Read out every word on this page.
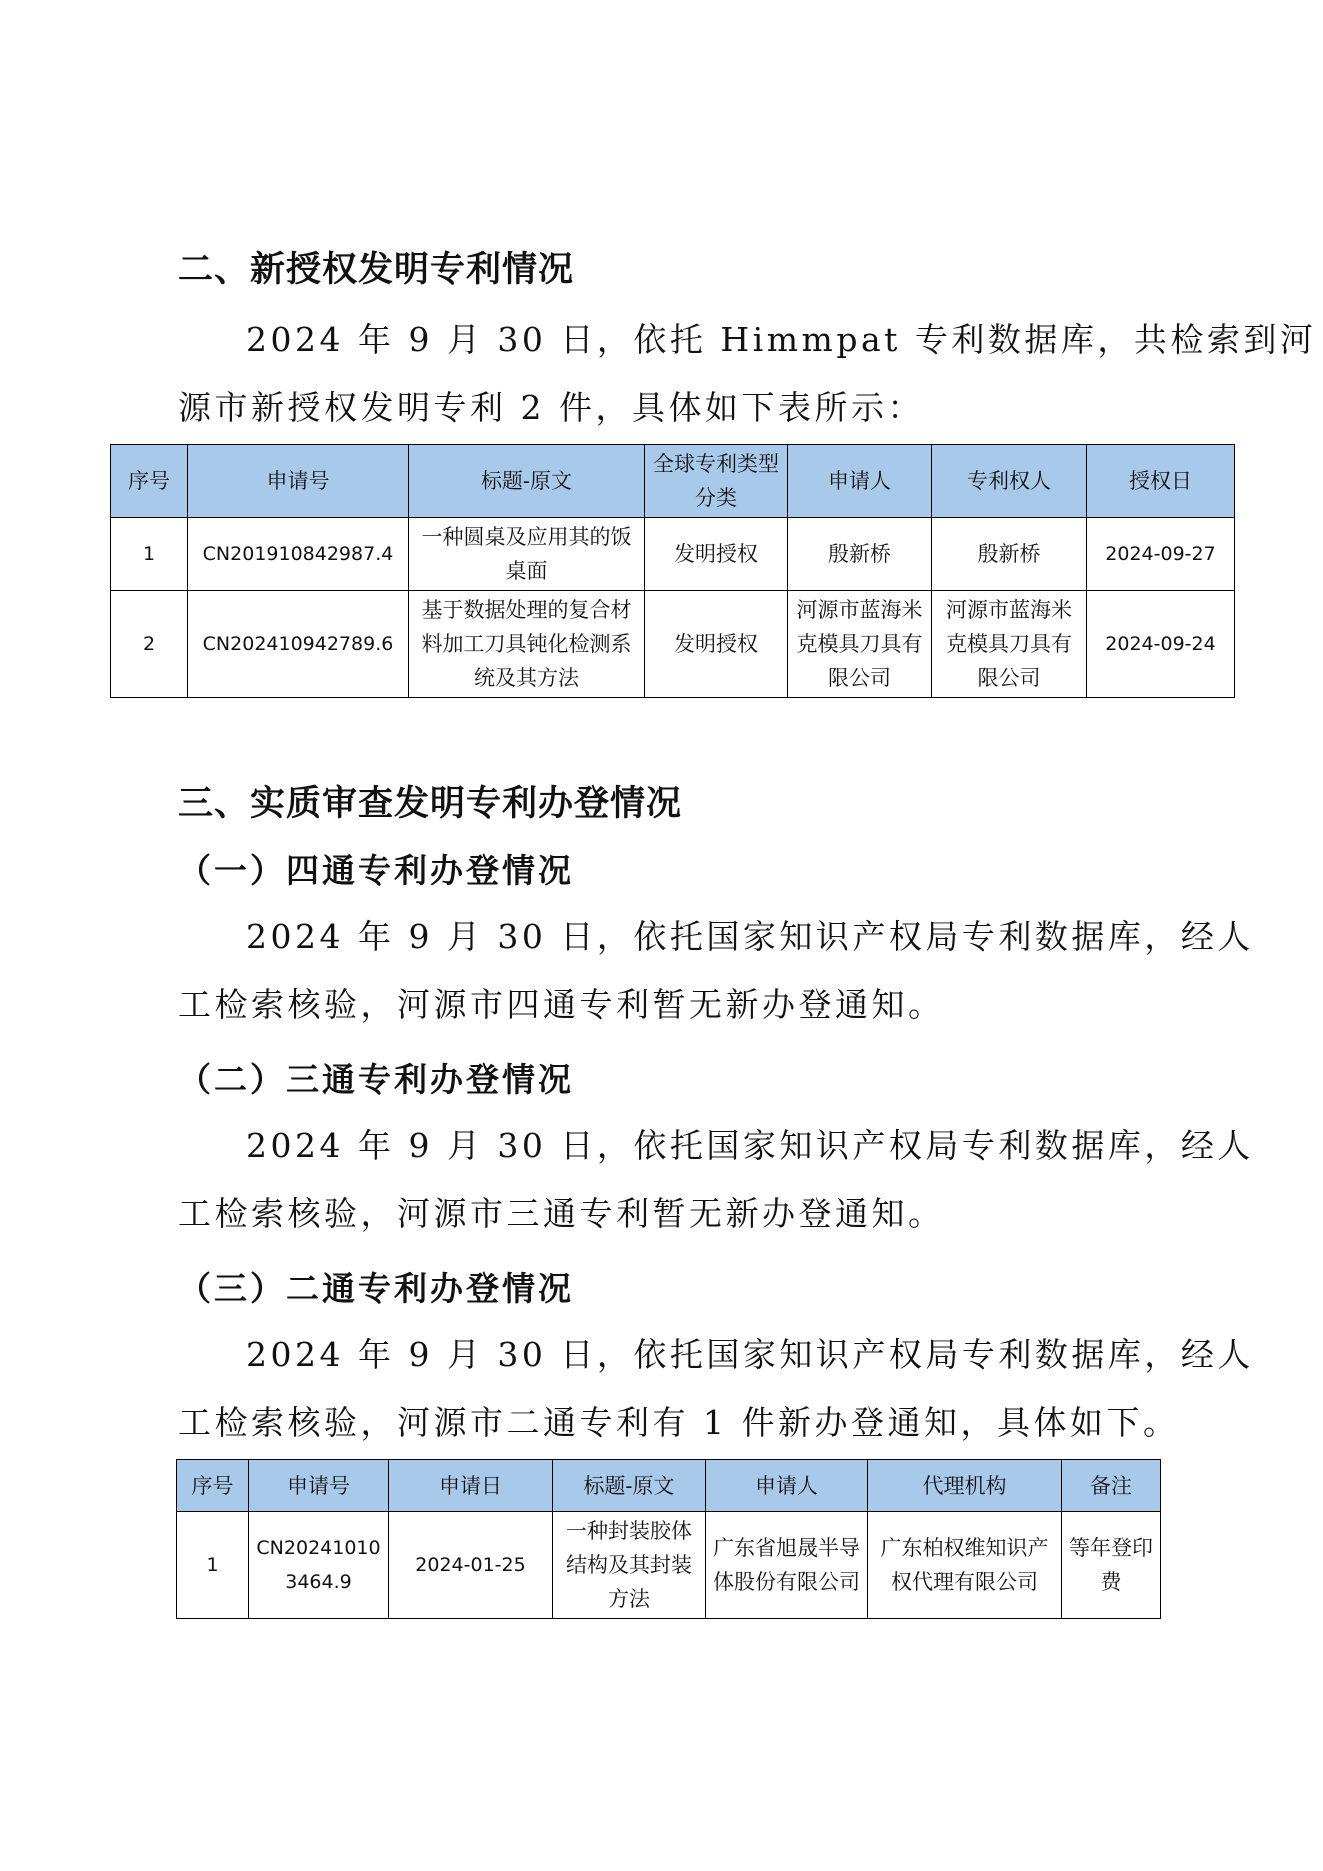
二、新授权发明专利情况
2024 年 9 月 30 日，依托 Himmpat 专利数据库，共检索到河
源市新授权发明专利 2 件，具体如下表所示：
序号	申请号	标题-原文	全球专利类型分类	申请人	专利权人	授权日
1	CN201910842987.4	一种圆桌及应用其的饭桌面	发明授权	殷新桥	殷新桥	2024-09-27
2	CN202410942789.6	基于数据处理的复合材料加工刀具钝化检测系统及其方法	发明授权	河源市蓝海米克模具刀具有限公司	河源市蓝海米克模具刀具有限公司	2024-09-24
三、实质审查发明专利办登情况
（一）四通专利办登情况
2024 年 9 月 30 日，依托国家知识产权局专利数据库，经人
工检索核验，河源市四通专利暂无新办登通知。
（二）三通专利办登情况
2024 年 9 月 30 日，依托国家知识产权局专利数据库，经人
工检索核验，河源市三通专利暂无新办登通知。
（三）二通专利办登情况
2024 年 9 月 30 日，依托国家知识产权局专利数据库，经人
工检索核验，河源市二通专利有 1 件新办登通知，具体如下。
序号	申请号	申请日	标题-原文	申请人	代理机构	备注
1	CN202410103464.9	2024-01-25	一种封装胶体结构及其封装方法	广东省旭晟半导体股份有限公司	广东柏权维知识产权代理有限公司	等年登印费
